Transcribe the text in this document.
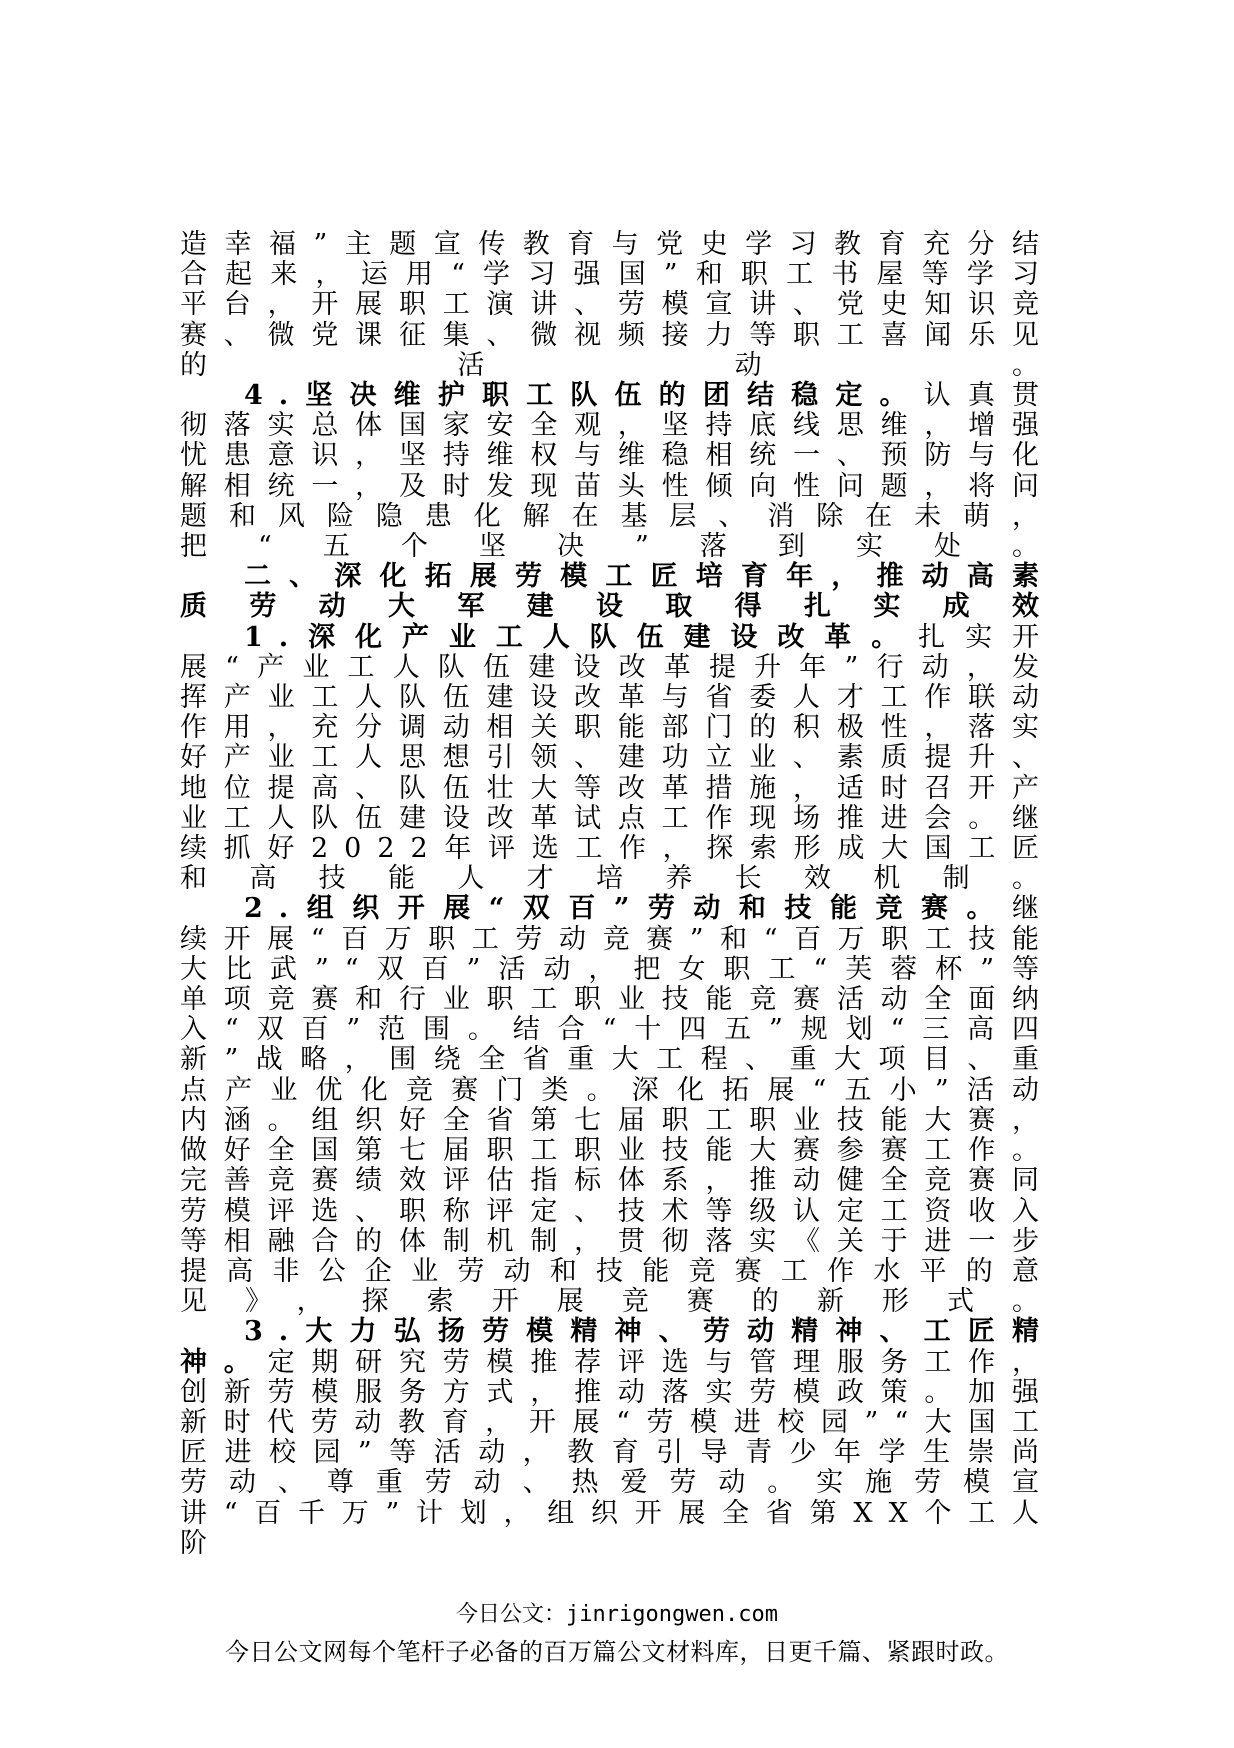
造幸福”主题宣传教育与党史学习教育充分结合起来，运用“学习强国”和职工书屋等学习平台，开展职工演讲、劳模宣讲、党史知识竞赛、微党课征集、微视频接力等职工喜闻乐见的活动。

4.坚决维护职工队伍的团结稳定。认真贯彻落实总体国家安全观，坚持底线思维，增强忧患意识，坚持维权与维稳相统一、预防与化解相统一，及时发现苗头性倾向性问题，将问题和风险隐患化解在基层、消除在未萌，把“五个坚决”落到实处。

二、深化拓展劳模工匠培育年，推动高素质劳动大军建设取得扎实成效

1.深化产业工人队伍建设改革。扎实开展“产业工人队伍建设改革提升年”行动，发挥产业工人队伍建设改革与省委人才工作联动作用，充分调动相关职能部门的积极性，落实好产业工人思想引领、建功立业、素质提升、地位提高、队伍壮大等改革措施，适时召开产业工人队伍建设改革试点工作现场推进会。继续抓好2022年评选工作，探索形成大国工匠和高技能人才培养长效机制。

2.组织开展“双百”劳动和技能竞赛。继续开展“百万职工劳动竞赛”和“百万职工技能大比武”“双百”活动，把女职工“芙蓉杯”等单项竞赛和行业职工职业技能竞赛活动全面纳入“双百”范围。结合“十四五”规划“三高四新”战略，围绕全省重大工程、重大项目、重点产业优化竞赛门类。深化拓展“五小”活动内涵。组织好全省第七届职工职业技能大赛，做好全国第七届职工职业技能大赛参赛工作。完善竞赛绩效评估指标体系，推动健全竞赛同劳模评选、职称评定、技术等级认定工资收入等相融合的体制机制，贯彻落实《关于进一步提高非公企业劳动和技能竞赛工作水平的意见》，探索开展竞赛的新形式。

3.大力弘扬劳模精神、劳动精神、工匠精神。定期研究劳模推荐评选与管理服务工作，创新劳模服务方式，推动落实劳模政策。加强新时代劳动教育，开展“劳模进校园”“大国工匠进校园”等活动，教育引导青少年学生崇尚劳动、尊重劳动、热爱劳动。实施劳模宣讲“百千万”计划，组织开展全省第XX个工人阶

今日公文：jinrigongwen.com
今日公文网每个笔杆子必备的百万篇公文材料库，日更千篇、紧跟时政。
